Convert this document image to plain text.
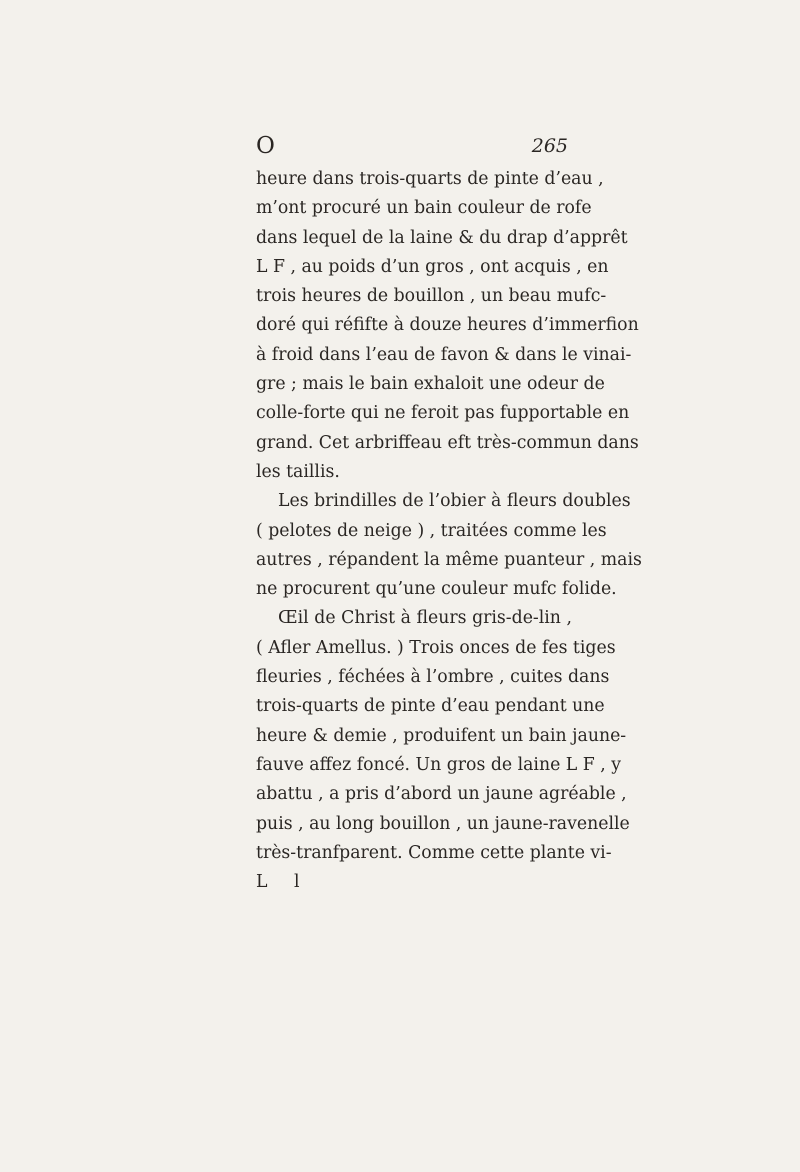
O	265
heure dans trois-quarts de pinte d’eau ,
m’ont procuré un bain couleur de rofe
dans lequel de la laine & du drap d’apprêt
L F , au poids d’un gros , ont acquis , en
trois heures de bouillon , un beau mufc-
doré qui réfifte à douze heures d’immerfion
à froid dans l’eau de favon & dans le vinai-
gre ; mais le bain exhaloit une odeur de
colle-forte qui ne feroit pas fupportable en
grand. Cet arbriffeau eft très-commun dans
les taillis.
Les brindilles de l’obier à fleurs doubles
( pelotes de neige ) , traitées comme les
autres , répandent la même puanteur , mais
ne procurent qu’une couleur mufc folide.
Œil de Christ à fleurs gris-de-lin ,
( Afler Amellus. ) Trois onces de fes tiges
fleuries , féchées à l’ombre , cuites dans
trois-quarts de pinte d’eau pendant une
heure & demie , produifent un bain jaune-
fauve affez foncé. Un gros de laine L F , y
abattu , a pris d’abord un jaune agréable ,
puis , au long bouillon , un jaune-ravenelle
très-tranfparent. Comme cette plante vi-
L l
